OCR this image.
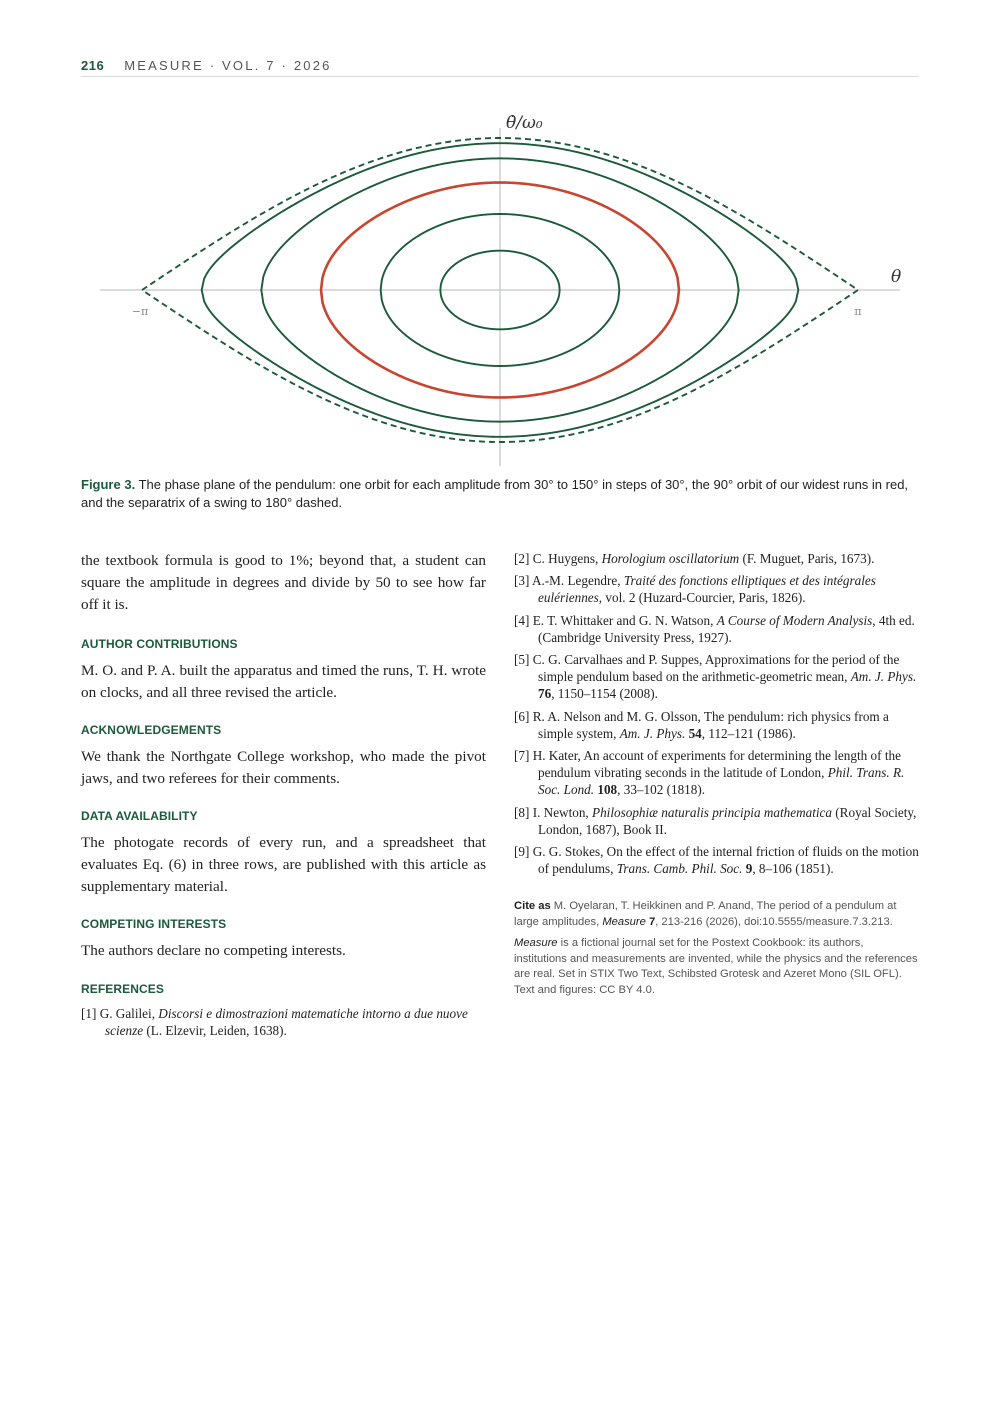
216 MEASURE · VOL. 7 · 2026
θ̇/ω₀
θ
−π	π
Figure 3. The phase plane of the pendulum: one orbit for each amplitude from 30° to 150° in steps of 30°, the 90° orbit of our widest runs in red, and the separatrix of a swing to 180° dashed.

the textbook formula is good to 1%; beyond that, a student can square the amplitude in degrees and divide by 50 to see how far off it is.

AUTHOR CONTRIBUTIONS

M. O. and P. A. built the apparatus and timed the runs, T. H. wrote on clocks, and all three revised the article.

ACKNOWLEDGEMENTS

We thank the Northgate College workshop, who made the pivot jaws, and two referees for their comments.

DATA AVAILABILITY

The photogate records of every run, and a spreadsheet that evaluates Eq. (6) in three rows, are published with this article as supplementary material.

COMPETING INTERESTS

The authors declare no competing interests.

REFERENCES

[1] G. Galilei, Discorsi e dimostrazioni matematiche intorno a due nuove scienze (L. Elzevir, Leiden, 1638).

[2] C. Huygens, Horologium oscillatorium (F. Muguet, Paris, 1673).

[3] A.-M. Legendre, Traité des fonctions elliptiques et des intégrales eulériennes, vol. 2 (Huzard-Courcier, Paris, 1826).

[4] E. T. Whittaker and G. N. Watson, A Course of Modern Analysis, 4th ed. (Cambridge University Press, 1927).

[5] C. G. Carvalhaes and P. Suppes, Approximations for the period of the simple pendulum based on the arithmetic-geometric mean, Am. J. Phys. 76, 1150–1154 (2008).

[6] R. A. Nelson and M. G. Olsson, The pendulum: rich physics from a simple system, Am. J. Phys. 54, 112–121 (1986).

[7] H. Kater, An account of experiments for determining the length of the pendulum vibrating seconds in the latitude of London, Phil. Trans. R. Soc. Lond. 108, 33–102 (1818).

[8] I. Newton, Philosophiæ naturalis principia mathematica (Royal Society, London, 1687), Book II.

[9] G. G. Stokes, On the effect of the internal friction of fluids on the motion of pendulums, Trans. Camb. Phil. Soc. 9, 8–106 (1851).

Cite as M. Oyelaran, T. Heikkinen and P. Anand, The period of a pendulum at large amplitudes, Measure 7, 213-216 (2026), doi:10.5555/measure.7.3.213.

Measure is a fictional journal set for the Postext Cookbook: its authors, institutions and measurements are invented, while the physics and the references are real. Set in STIX Two Text, Schibsted Grotesk and Azeret Mono (SIL OFL). Text and figures: CC BY 4.0.
